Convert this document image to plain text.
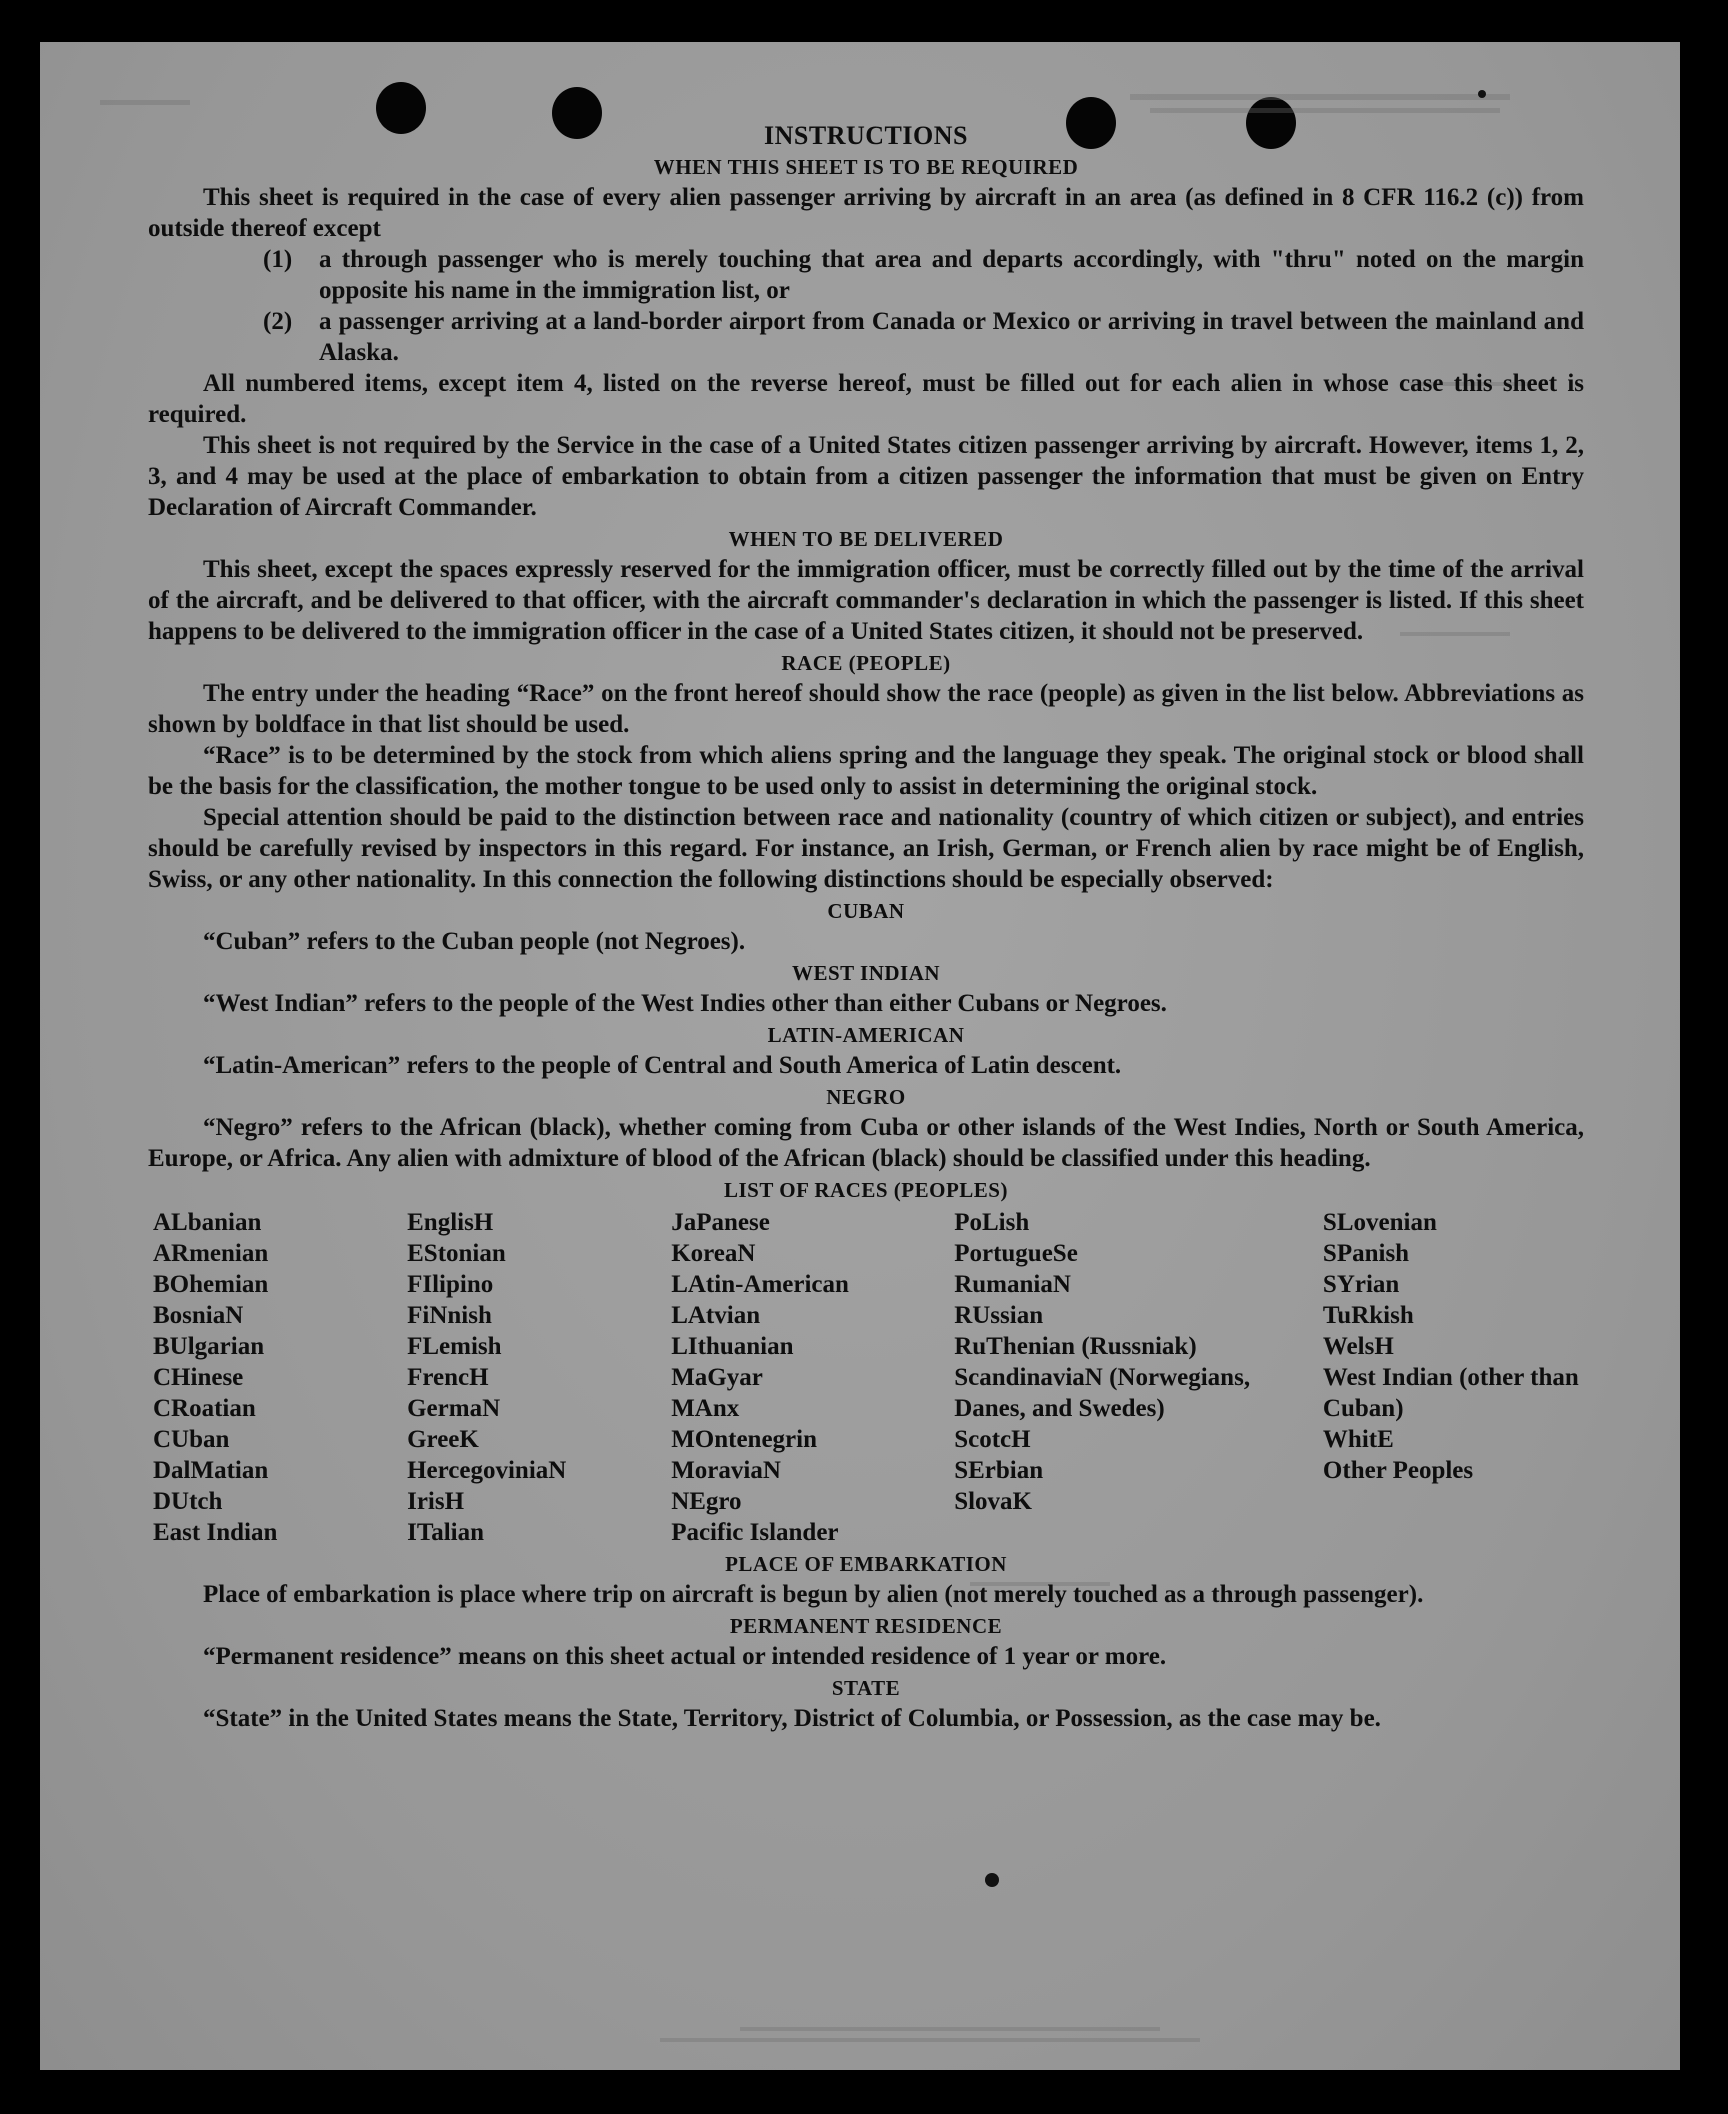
INSTRUCTIONS
WHEN THIS SHEET IS TO BE REQUIRED

This sheet is required in the case of every alien passenger arriving by aircraft in an area (as defined in 8 CFR 116.2 (c)) from outside thereof except

(1)	a through passenger who is merely touching that area and departs accordingly, with "thru" noted on the margin opposite his name in the immigration list, or
(2)	a passenger arriving at a land-border airport from Canada or Mexico or arriving in travel between the mainland and Alaska.

All numbered items, except item 4, listed on the reverse hereof, must be filled out for each alien in whose case this sheet is required.

This sheet is not required by the Service in the case of a United States citizen passenger arriving by aircraft. However, items 1, 2, 3, and 4 may be used at the place of embarkation to obtain from a citizen passenger the information that must be given on Entry Declaration of Aircraft Commander.

WHEN TO BE DELIVERED

This sheet, except the spaces expressly reserved for the immigration officer, must be correctly filled out by the time of the arrival of the aircraft, and be delivered to that officer, with the aircraft commander's declaration in which the passenger is listed. If this sheet happens to be delivered to the immigration officer in the case of a United States citizen, it should not be preserved.

RACE (PEOPLE)

The entry under the heading “Race” on the front hereof should show the race (people) as given in the list below. Abbreviations as shown by boldface in that list should be used.

“Race” is to be determined by the stock from which aliens spring and the language they speak. The original stock or blood shall be the basis for the classification, the mother tongue to be used only to assist in determining the original stock.

Special attention should be paid to the distinction between race and nationality (country of which citizen or subject), and entries should be carefully revised by inspectors in this regard. For instance, an Irish, German, or French alien by race might be of English, Swiss, or any other nationality. In this connection the following distinctions should be especially observed:

CUBAN

“Cuban” refers to the Cuban people (not Negroes).

WEST INDIAN

“West Indian” refers to the people of the West Indies other than either Cubans or Negroes.

LATIN-AMERICAN

“Latin-American” refers to the people of Central and South America of Latin descent.

NEGRO

“Negro” refers to the African (black), whether coming from Cuba or other islands of the West Indies, North or South America, Europe, or Africa. Any alien with admixture of blood of the African (black) should be classified under this heading.

LIST OF RACES (PEOPLES)
ALbanian
ARmenian
BOhemian
BosniaN
BUlgarian
CHinese
CRoatian
CUban
DalMatian
DUtch
East Indian
EnglisH
EStonian
FIlipino
FiNnish
FLemish
FrencH
GermaN
GreeK
HercegoviniaN
IrisH
ITalian
JaPanese
KoreaN
LAtin-American
LAtvian
LIthuanian
MaGyar
MAnx
MOntenegrin
MoraviaN
NEgro
Pacific Islander
PoLish
PortugueSe
RumaniaN
RUssian
RuThenian (Russniak)
ScandinaviaN (Norwegians, Danes, and Swedes)
ScotcH
SErbian
SlovaK
SLovenian
SPanish
SYrian
TuRkish
WelsH
West Indian (other than Cuban)
WhitE
Other Peoples
PLACE OF EMBARKATION

Place of embarkation is place where trip on aircraft is begun by alien (not merely touched as a through passenger).

PERMANENT RESIDENCE

“Permanent residence” means on this sheet actual or intended residence of 1 year or more.

STATE

“State” in the United States means the State, Territory, District of Columbia, or Possession, as the case may be.
